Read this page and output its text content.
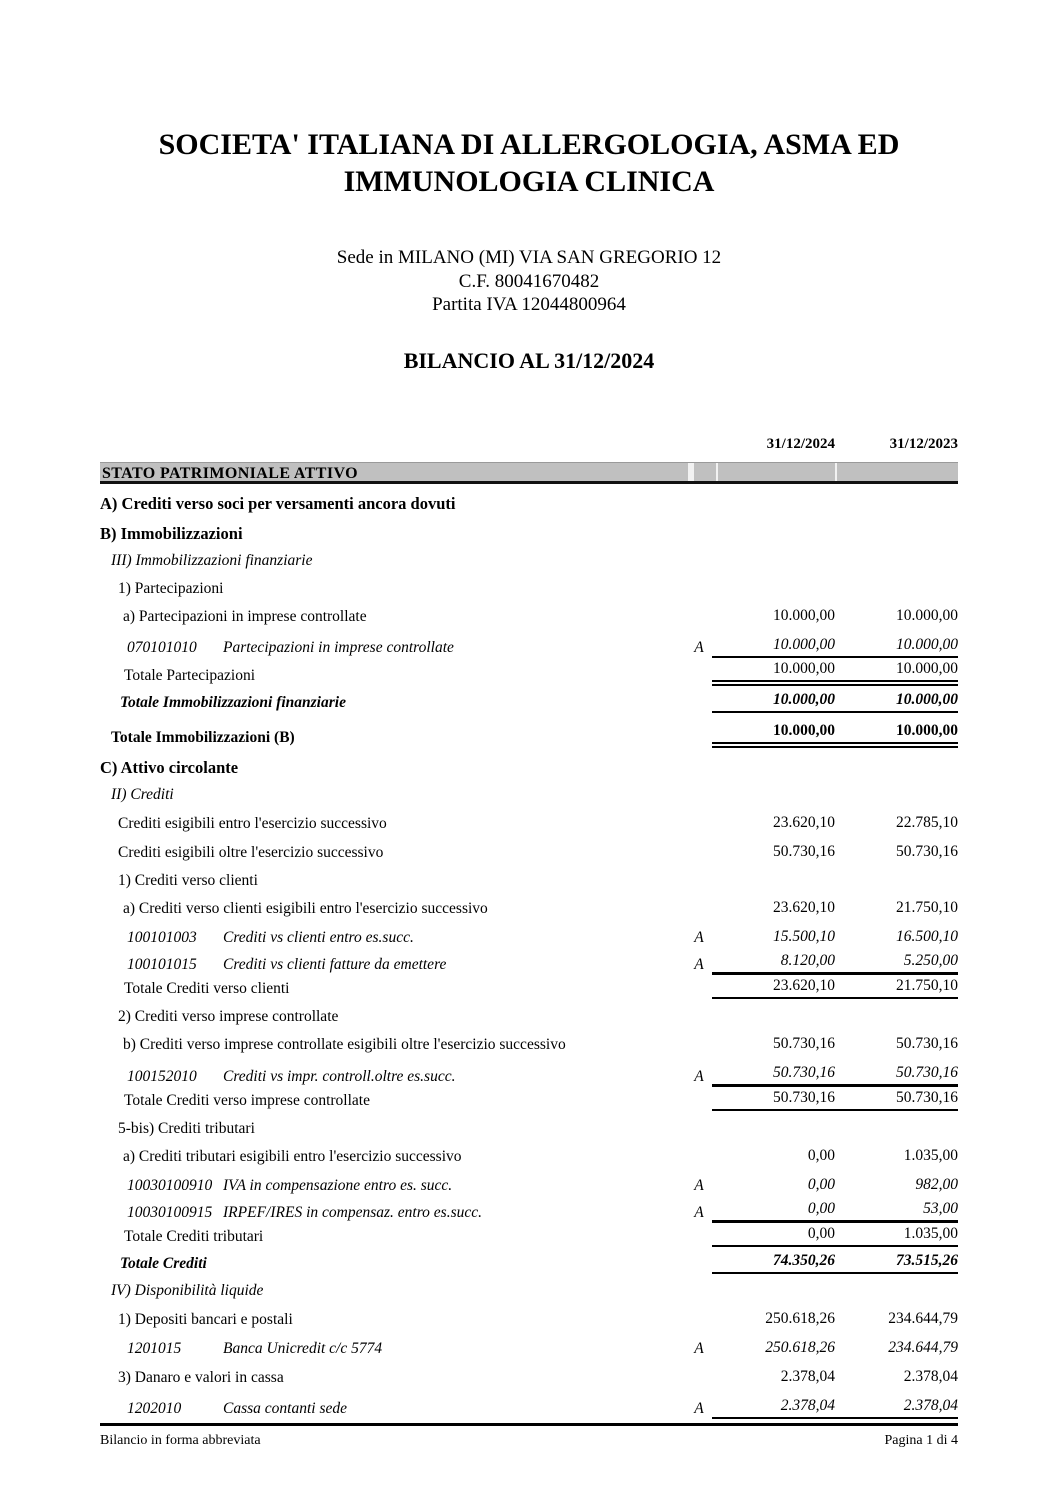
SOCIETA' ITALIANA DI ALLERGOLOGIA, ASMA ED
IMMUNOLOGIA CLINICA
Sede in MILANO (MI) VIA SAN GREGORIO 12
C.F. 80041670482
Partita IVA 12044800964
BILANCIO AL 31/12/2024
31/12/2024	31/12/2023
STATO PATRIMONIALE ATTIVO
A) Crediti verso soci per versamenti ancora dovuti
B) Immobilizzazioni
III) Immobilizzazioni finanziarie
1) Partecipazioni
a) Partecipazioni in imprese controllate	10.000,00	10.000,00
070101010 Partecipazioni in imprese controllate	A	10.000,00	10.000,00
Totale Partecipazioni	10.000,00	10.000,00
Totale Immobilizzazioni finanziarie	10.000,00	10.000,00
Totale Immobilizzazioni (B)	10.000,00	10.000,00
C) Attivo circolante
II) Crediti
Crediti esigibili entro l'esercizio successivo	23.620,10	22.785,10
Crediti esigibili oltre l'esercizio successivo	50.730,16	50.730,16
1) Crediti verso clienti
a) Crediti verso clienti esigibili entro l'esercizio successivo	23.620,10	21.750,10
100101003 Crediti vs clienti entro es.succ.	A	15.500,10	16.500,10
100101015 Crediti vs clienti fatture da emettere	A	8.120,00	5.250,00
Totale Crediti verso clienti	23.620,10	21.750,10
2) Crediti verso imprese controllate
b) Crediti verso imprese controllate esigibili oltre l'esercizio successivo	50.730,16	50.730,16
100152010 Crediti vs impr. controll.oltre es.succ.	A	50.730,16	50.730,16
Totale Crediti verso imprese controllate	50.730,16	50.730,16
5-bis) Crediti tributari
a) Crediti tributari esigibili entro l'esercizio successivo	0,00	1.035,00
10030100910 IVA in compensazione entro es. succ.	A	0,00	982,00
10030100915 IRPEF/IRES in compensaz. entro es.succ.	A	0,00	53,00
Totale Crediti tributari	0,00	1.035,00
Totale Crediti	74.350,26	73.515,26
IV) Disponibilità liquide
1) Depositi bancari e postali	250.618,26	234.644,79
1201015	Banca Unicredit c/c 5774	A	250.618,26	234.644,79
3) Danaro e valori in cassa	2.378,04	2.378,04
1202010	Cassa contanti sede	A	2.378,04	2.378,04
Bilancio in forma abbreviata	Pagina 1 di 4
